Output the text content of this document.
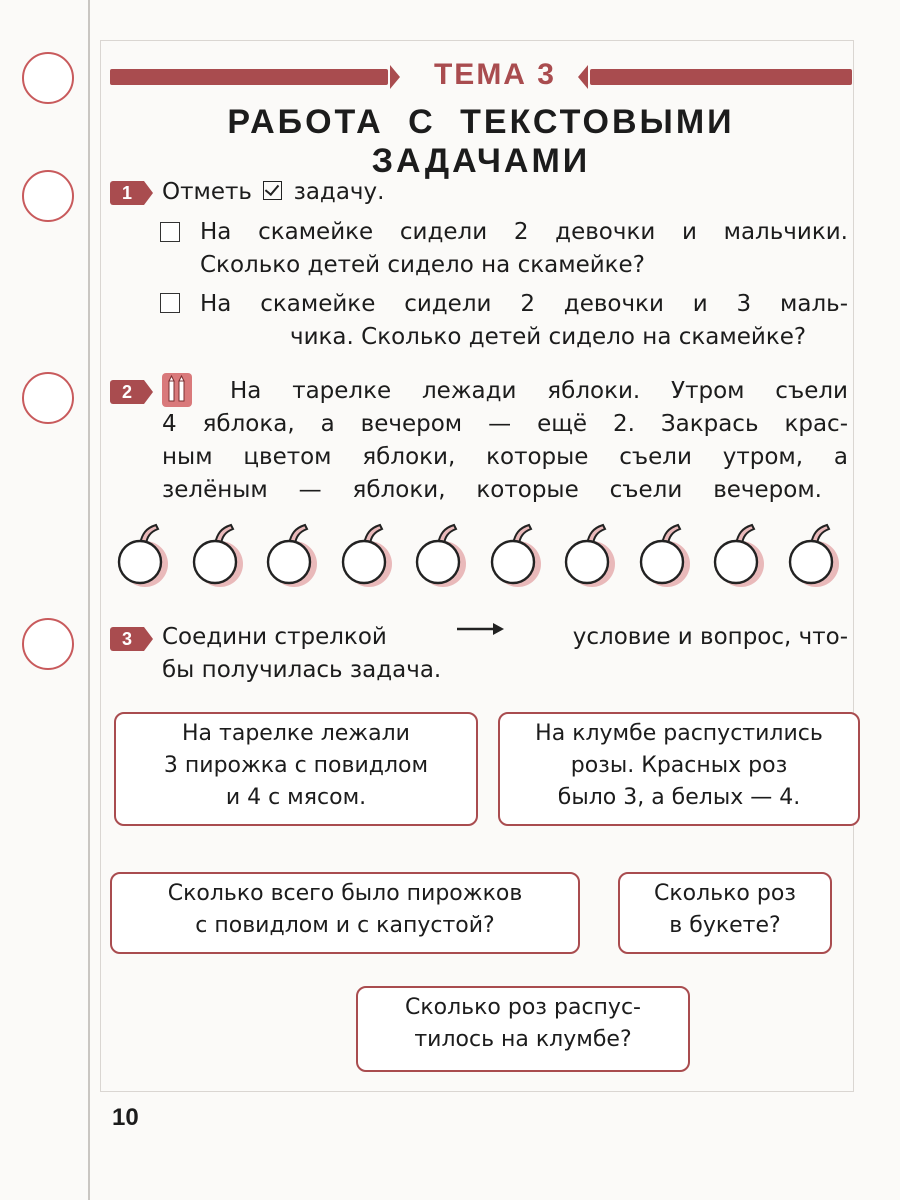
ТЕМА 3
РАБОТА С ТЕКСТОВЫМИ ЗАДАЧАМИ
1	Отметь задачу.
На скамейке сидели 2 девочки и мальчики.
Сколько детей сидело на скамейке?
На скамейке сидели 2 девочки и 3 маль-
чика. Сколько детей сидело на скамейке?
2	На тарелке лежади яблоки. Утром съели
4 яблока, а вечером — ещё 2. Закрась крас-
ным цветом яблоки, которые съели утром, а
зелёным — яблоки, которые съели вечером.
3	Соедини стрелкой	условие и вопрос, что-
бы получилась задача.
На тарелке лежали
3 пирожка с повидлом
и 4 с мясом.
На клумбе распустились
розы. Красных роз
было 3, а белых — 4.
Сколько всего было пирожков
с повидлом и с капустой?
Сколько роз
в букете?
Сколько роз распус-
тилось на клумбе?
10
